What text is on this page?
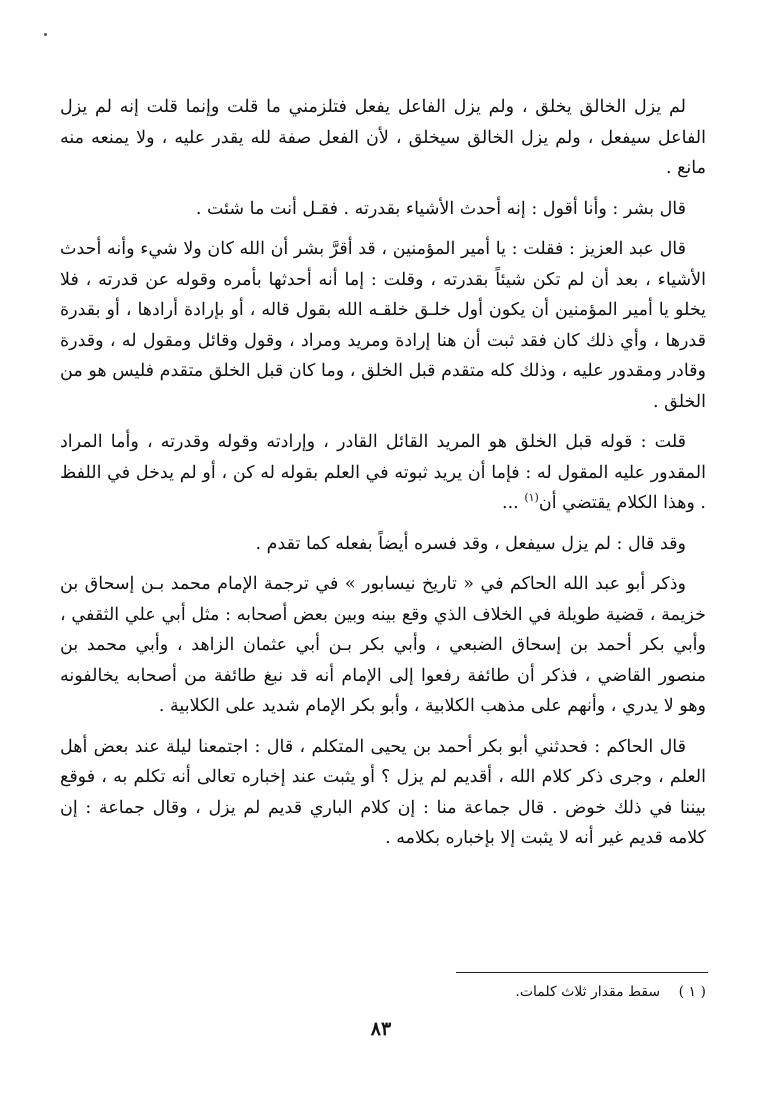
لم يزل الخالق يخلق ، ولم يزل الفاعل يفعل فتلزمني ما قلت وإنما قلت إنه لم يزل الفاعل سيفعل ، ولم يزل الخالق سيخلق ، لأن الفعل صفة لله يقدر عليه ، ولا يمنعه منه مانع .

قال بشر : وأنا أقول : إنه أحدث الأشياء بقدرته . فقـل أنت ما شئت .

قال عبد العزيز : فقلت : يا أمير المؤمنين ، قد أقرَّ بشر أن الله كان ولا شيء وأنه أحدث الأشياء ، بعد أن لم تكن شيئاً بقدرته ، وقلت : إما أنه أحدثها بأمره وقوله عن قدرته ، فلا يخلو يا أمير المؤمنين أن يكون أول خلـق خلقـه الله بقول قاله ، أو بإرادة أرادها ، أو بقدرة قدرها ، وأي ذلك كان فقد ثبت أن هنا إرادة ومريد ومراد ، وقول وقائل ومقول له ، وقدرة وقادر ومقدور عليه ، وذلك كله متقدم قبل الخلق ، وما كان قبل الخلق متقدم فليس هو من الخلق .

قلت : قوله قبل الخلق هو المريد القائل القادر ، وإرادته وقوله وقدرته ، وأما المراد المقدور عليه المقول له : فإما أن يريد ثبوته في العلم بقوله له كن ، أو لم يدخل في اللفظ . وهذا الكلام يقتضي أن$^{(١)}$ ...

وقد قال : لم يزل سيفعل ، وقد فسره أيضاً بفعله كما تقدم .

وذكر أبو عبد الله الحاكم في « تاريخ نيسابور » في ترجمة الإمام محمد بـن إسحاق بن خزيمة ، قضية طويلة في الخلاف الذي وقع بينه وبين بعض أصحابه : مثل أبي علي الثقفي ، وأبي بكر أحمد بن إسحاق الضبعي ، وأبي بكر بـن أبي عثمان الزاهد ، وأبي محمد بن منصور القاضي ، فذكر أن طائفة رفعوا إلى الإمام أنه قد نبغ طائفة من أصحابه يخالفونه وهو لا يدري ، وأنهم على مذهب الكلابية ، وأبو بكر الإمام شديد على الكلابية .

قال الحاكم : فحدثني أبو بكر أحمد بن يحيى المتكلم ، قال : اجتمعنا ليلة عند بعض أهل العلم ، وجرى ذكر كلام الله ، أقديم لم يزل ؟ أو يثبت عند إخباره تعالى أنه تكلم به ، فوقع بيننا في ذلك خوض . قال جماعة منا : إن كلام الباري قديم لم يزل ، وقال جماعة : إن كلامه قديم غير أنه لا يثبت إلا بإخباره بكلامه .

( ١ ) سقط مقدار ثلاث كلمات.
٨٣
